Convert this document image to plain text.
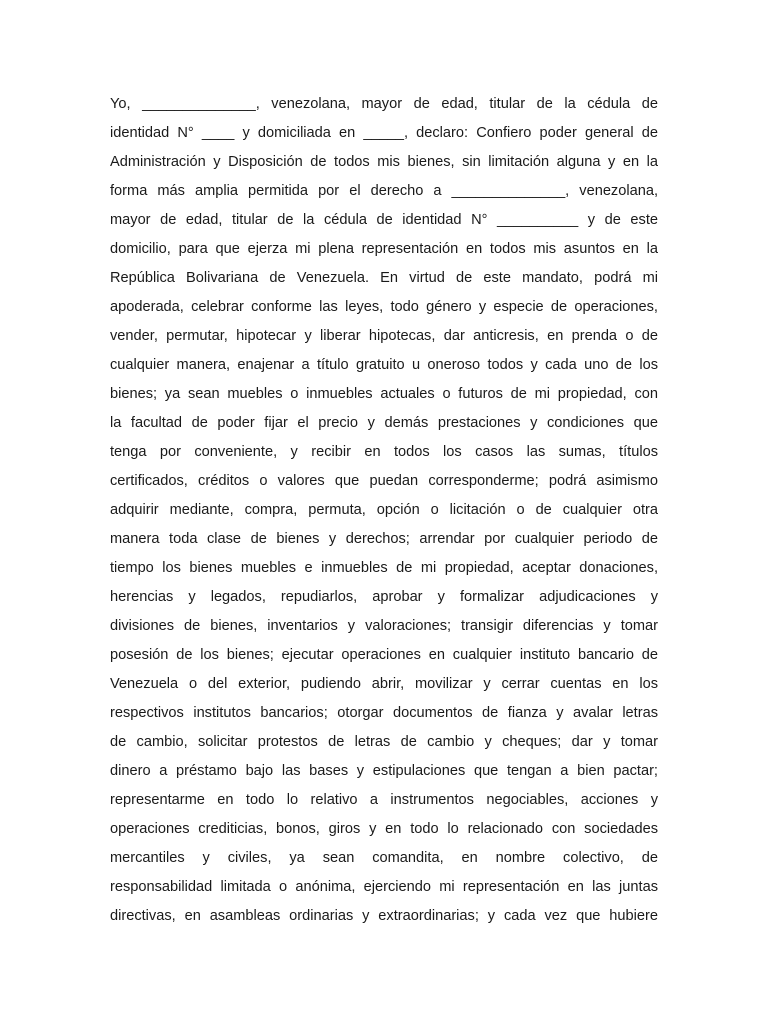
Yo, ______________, venezolana, mayor de edad, titular de la cédula de
identidad N° ____ y domiciliada en _____, declaro: Confiero poder general de
Administración y Disposición de todos mis bienes, sin limitación alguna y en la
forma más amplia permitida por el derecho a ______________, venezolana,
mayor de edad, titular de la cédula de identidad N° __________ y de este
domicilio, para que ejerza mi plena representación en todos mis asuntos en la
República Bolivariana de Venezuela. En virtud de este mandato, podrá mi
apoderada, celebrar conforme las leyes, todo género y especie de operaciones,
vender, permutar, hipotecar y liberar hipotecas, dar anticresis, en prenda o de
cualquier manera, enajenar a título gratuito u oneroso todos y cada uno de los
bienes; ya sean muebles o inmuebles actuales o futuros de mi propiedad, con
la facultad de poder fijar el precio y demás prestaciones y condiciones que
tenga por conveniente, y recibir en todos los casos las sumas, títulos
certificados, créditos o valores que puedan corresponderme; podrá asimismo
adquirir mediante, compra, permuta, opción o licitación o de cualquier otra
manera toda clase de bienes y derechos; arrendar por cualquier periodo de
tiempo los bienes muebles e inmuebles de mi propiedad, aceptar donaciones,
herencias y legados, repudiarlos, aprobar y formalizar adjudicaciones y
divisiones de bienes, inventarios y valoraciones; transigir diferencias y tomar
posesión de los bienes; ejecutar operaciones en cualquier instituto bancario de
Venezuela o del exterior, pudiendo abrir, movilizar y cerrar cuentas en los
respectivos institutos bancarios; otorgar documentos de fianza y avalar letras
de cambio, solicitar protestos de letras de cambio y cheques; dar y tomar
dinero a préstamo bajo las bases y estipulaciones que tengan a bien pactar;
representarme en todo lo relativo a instrumentos negociables, acciones y
operaciones crediticias, bonos, giros y en todo lo relacionado con sociedades
mercantiles y civiles, ya sean comandita, en nombre colectivo, de
responsabilidad limitada o anónima, ejerciendo mi representación en las juntas
directivas, en asambleas ordinarias y extraordinarias; y cada vez que hubiere
